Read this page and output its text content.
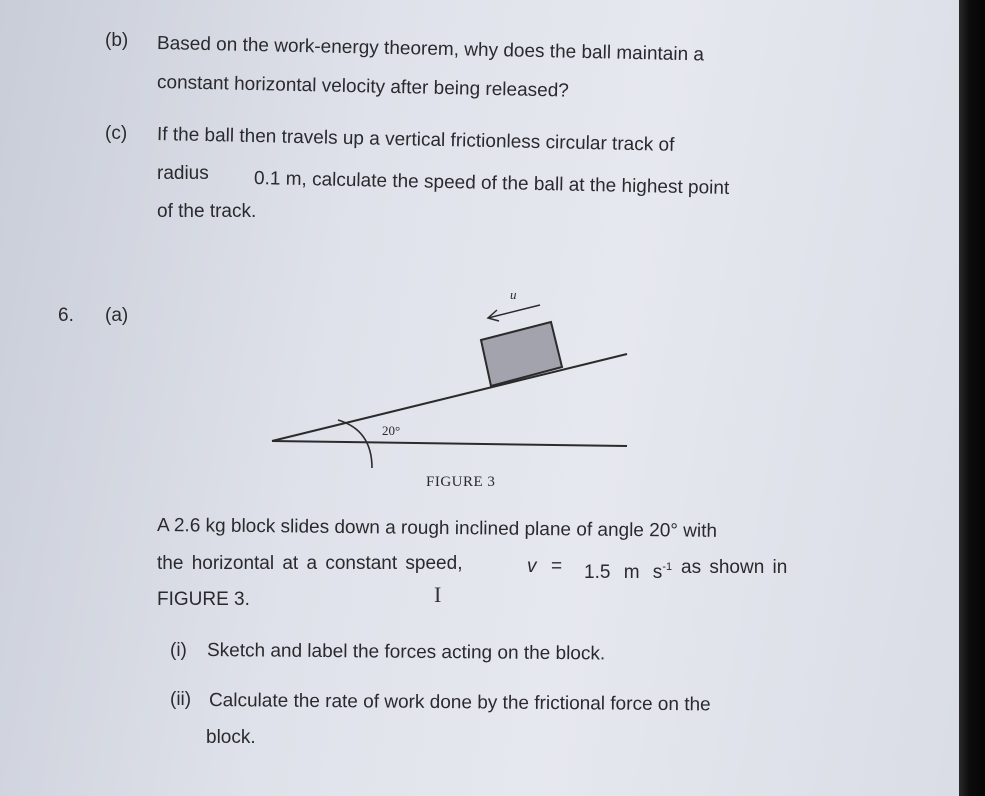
(b) Based on the work-energy theorem, why does the ball maintain a
constant horizontal velocity after being released?
(c) If the ball then travels up a vertical frictionless circular track of
radius 0.1 m, calculate the speed of the ball at the highest point
of the track.
6. (a)
u
20°
FIGURE 3
A 2.6 kg block slides down a rough inclined plane of angle 20° with
the horizontal at a constant speed,	v = 1.5 m $s^{-1}$ as shown in
FIGURE 3.	I
(i) Sketch and label the forces acting on the block.
(ii) Calculate the rate of work done by the frictional force on the
block.
